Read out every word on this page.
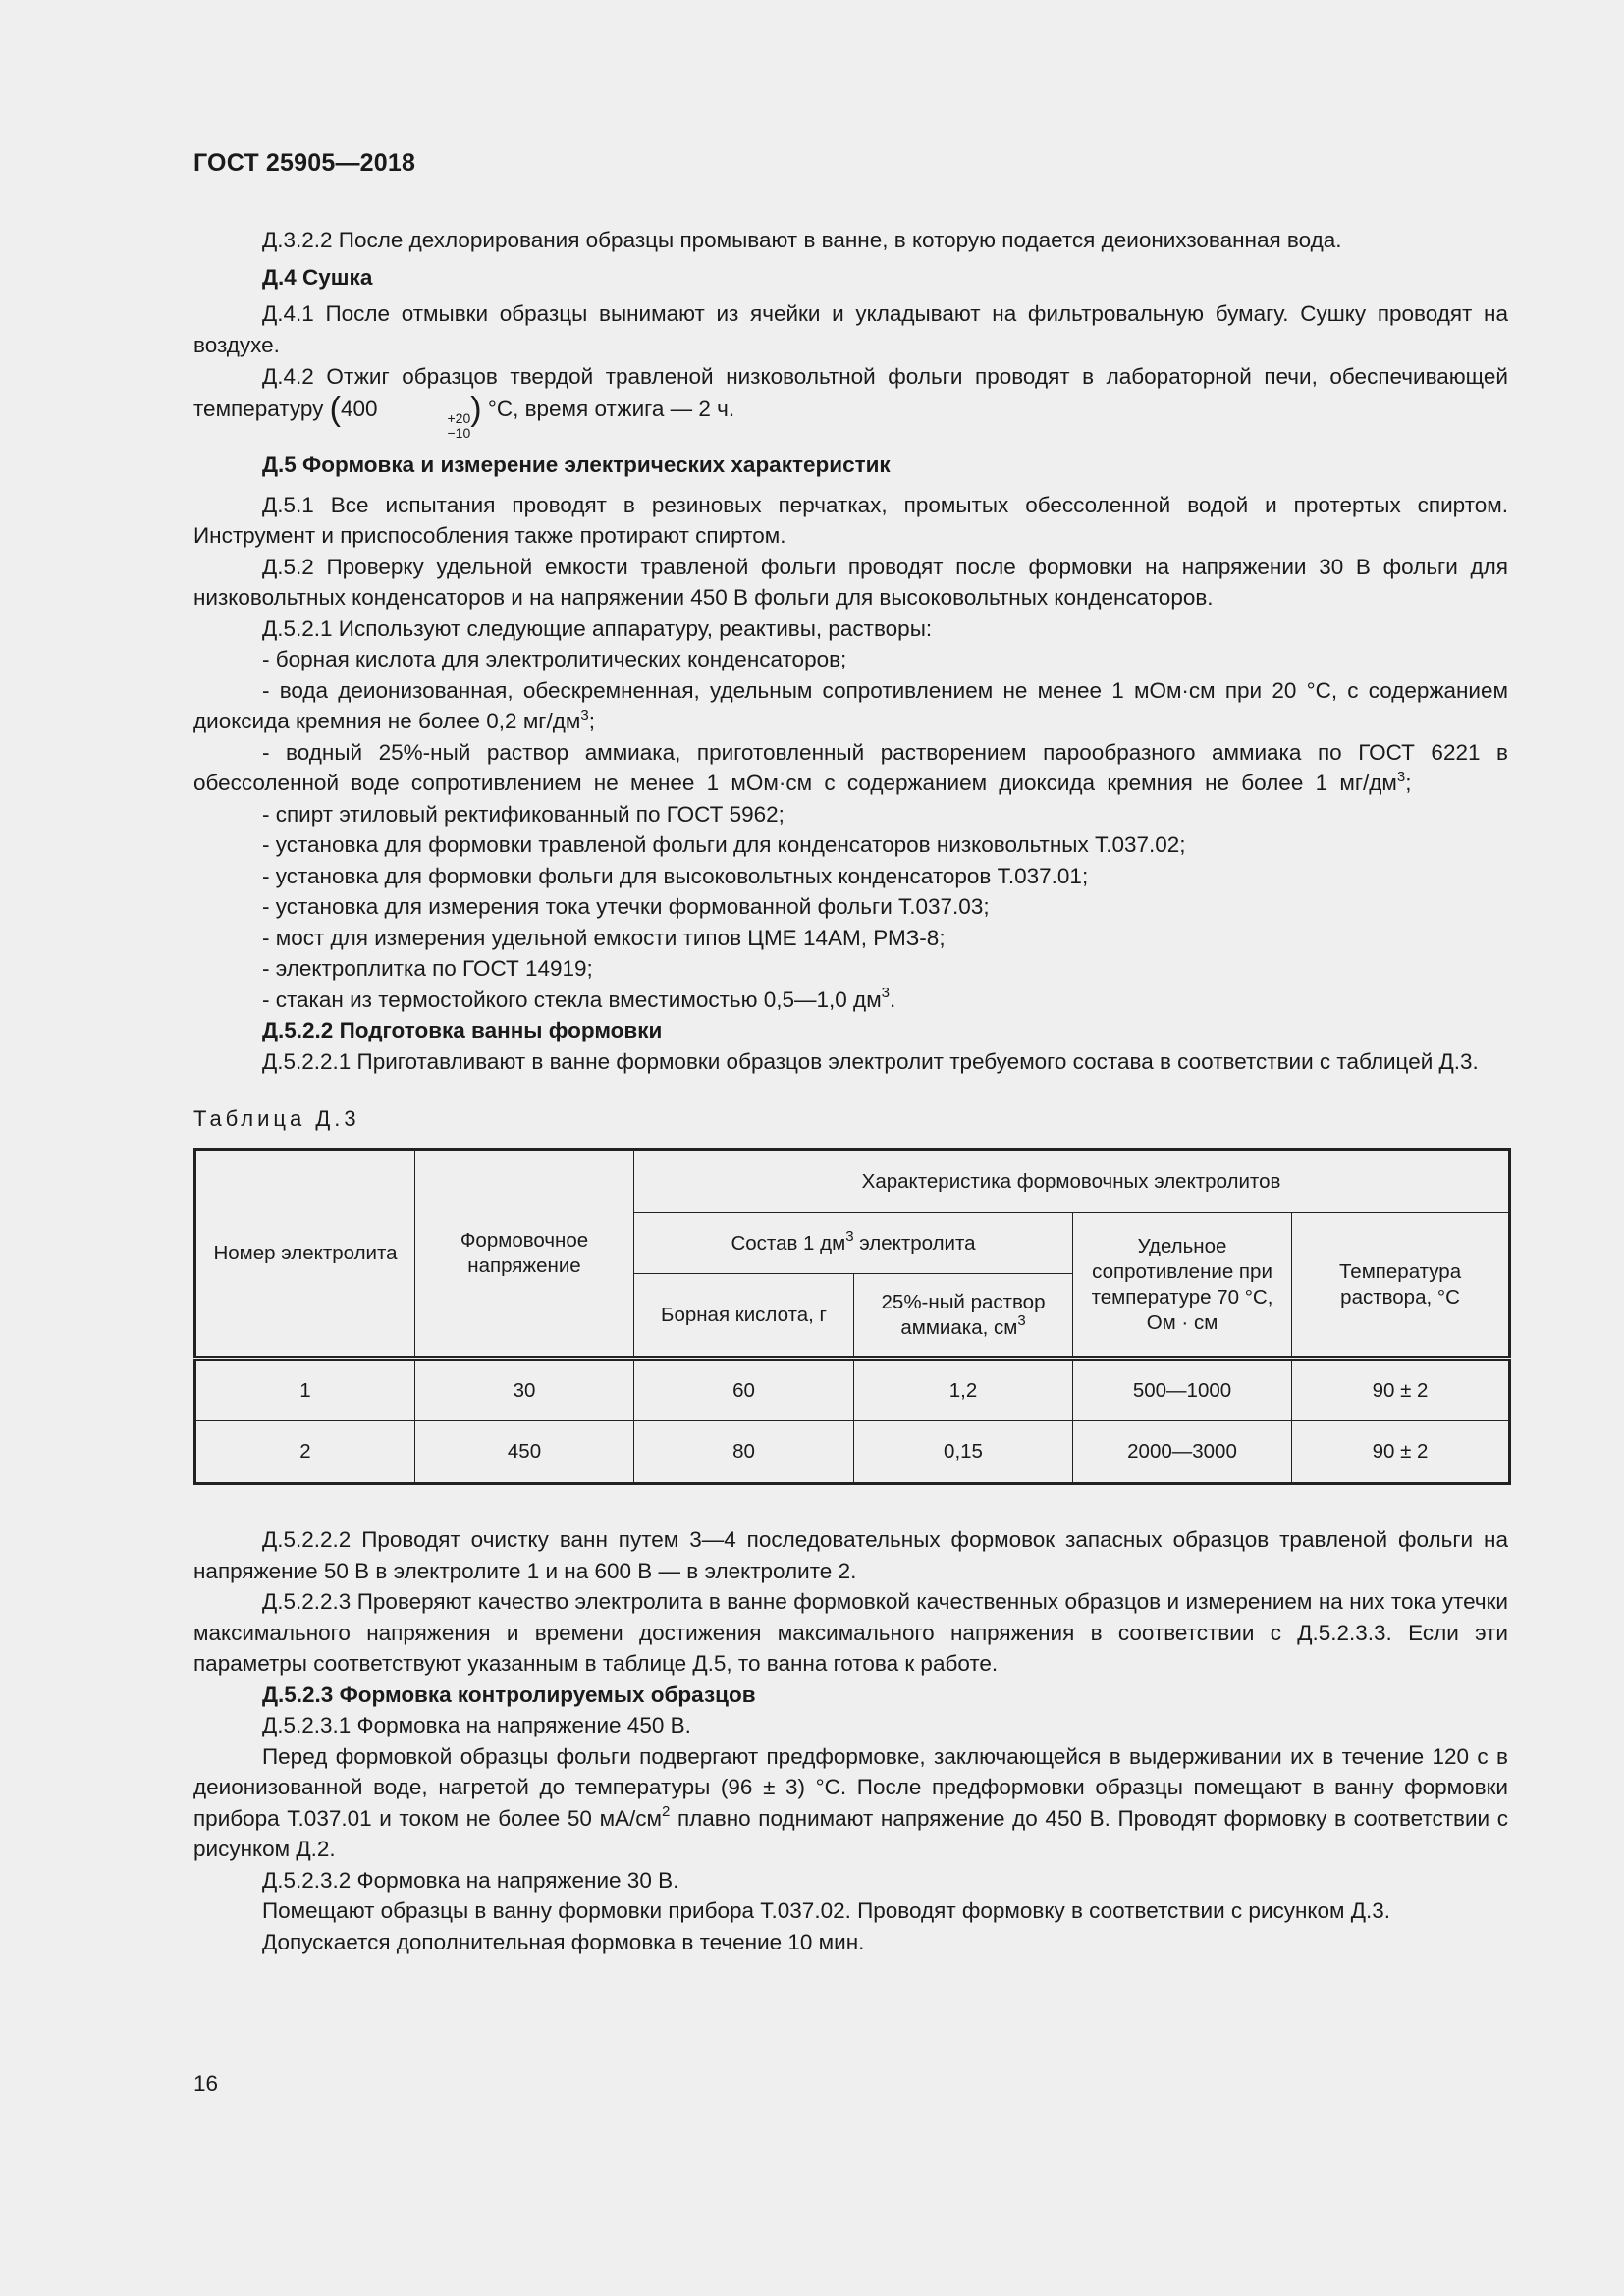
ГОСТ 25905—2018

Д.3.2.2 После дехлорирования образцы промывают в ванне, в которую подается деионихзованная вода.

Д.4 Сушка

Д.4.1 После отмывки образцы вынимают из ячейки и укладывают на фильтровальную бумагу. Сушку проводят на воздухе.

Д.4.2 Отжиг образцов твердой травленой низковольтной фольги проводят в лабораторной печи, обеспечивающей температуру (400	+20
−10
) °С, время отжига — 2 ч.

Д.5 Формовка и измерение электрических характеристик

Д.5.1 Все испытания проводят в резиновых перчатках, промытых обессоленной водой и протертых спиртом. Инструмент и приспособления также протирают спиртом.

Д.5.2 Проверку удельной емкости травленой фольги проводят после формовки на напряжении 30 В фольги для низковольтных конденсаторов и на напряжении 450 В фольги для высоковольтных конденсаторов.

Д.5.2.1 Используют следующие аппаратуру, реактивы, растворы:

- борная кислота для электролитических конденсаторов;

- вода деионизованная, обескремненная, удельным сопротивлением не менее 1 мОм·см при 20 °С, с содержанием диоксида кремния не более 0,2 $мг/дм^3$;

- водный 25%-ный раствор аммиака, приготовленный растворением парообразного аммиака по ГОСТ 6221 в обессоленной воде сопротивлением не менее 1 мОм·см с содержанием диоксида кремния не более 1 $мг/дм^3$;

- спирт этиловый ректификованный по ГОСТ 5962;

- установка для формовки травленой фольги для конденсаторов низковольтных Т.037.02;

- установка для формовки фольги для высоковольтных конденсаторов Т.037.01;

- установка для измерения тока утечки формованной фольги Т.037.03;

- мост для измерения удельной емкости типов ЦМЕ 14АМ, РМЗ-8;

- электроплитка по ГОСТ 14919;

- стакан из термостойкого стекла вместимостью 0,5—1,0 $дм^3$.

Д.5.2.2 Подготовка ванны формовки

Д.5.2.2.1 Приготавливают в ванне формовки образцов электролит требуемого состава в соответствии с таблицей Д.3.

Таблица Д.3
Номер электролита	Формовочное напряжение	Характеристика формовочных электролитов			
		Состав 1 $дм^3$ электролита		Удельное сопротивление при температуре 70 °С, Ом · см	Температура раствора, °С
		Борная кислота, г	25%-ный раствор аммиака, $см^3$
1	30	60	1,2	500—1000	90 ± 2
2	450	80	0,15	2000—3000	90 ± 2

Д.5.2.2.2 Проводят очистку ванн путем 3—4 последовательных формовок запасных образцов травленой фольги на напряжение 50 В в электролите 1 и на 600 В — в электролите 2.

Д.5.2.2.3 Проверяют качество электролита в ванне формовкой качественных образцов и измерением на них тока утечки максимального напряжения и времени достижения максимального напряжения в соответствии с Д.5.2.3.3. Если эти параметры соответствуют указанным в таблице Д.5, то ванна готова к работе.

Д.5.2.3 Формовка контролируемых образцов

Д.5.2.3.1 Формовка на напряжение 450 В.

Перед формовкой образцы фольги подвергают предформовке, заключающейся в выдерживании их в течение 120 с в деионизованной воде, нагретой до температуры (96 ± 3) °С. После предформовки образцы помещают в ванну формовки прибора Т.037.01 и током не более 50 $мА/см^2$ плавно поднимают напряжение до 450 В. Проводят формовку в соответствии с рисунком Д.2.

Д.5.2.3.2 Формовка на напряжение 30 В.

Помещают образцы в ванну формовки прибора Т.037.02. Проводят формовку в соответствии с рисунком Д.3.

Допускается дополнительная формовка в течение 10 мин.

16
